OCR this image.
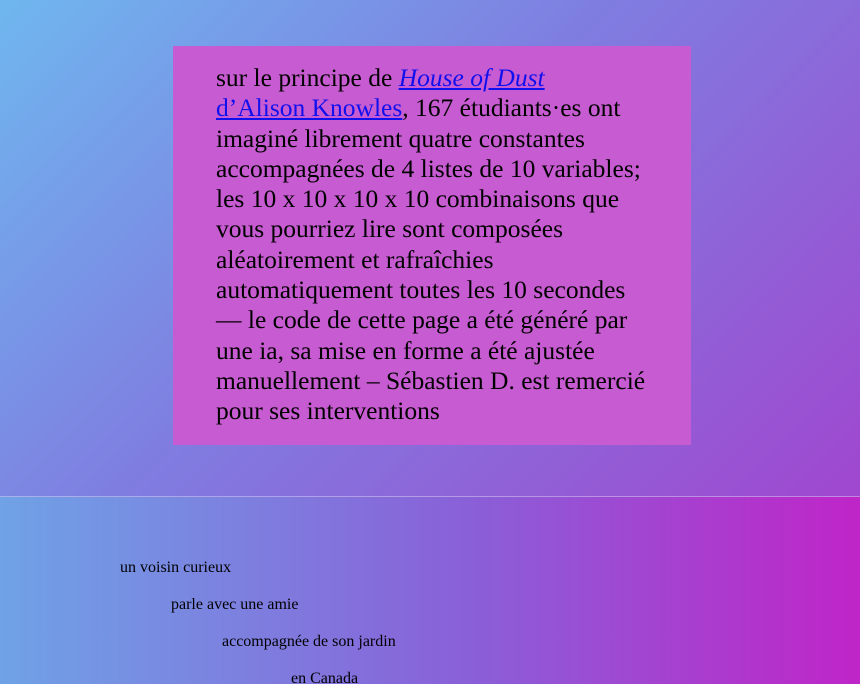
sur le principe de House of Dust
d’Alison Knowles, 167 étudiants·es ont imaginé librement quatre constantes accompagnées de 4 listes de 10 variables; les 10 x 10 x 10 x 10 combinaisons que vous pourriez lire sont composées aléatoirement et rafraîchies automatiquement toutes les 10 secondes — le code de cette page a été généré par une ia, sa mise en forme a été ajustée manuellement – Sébastien D. est remercié pour ses interventions

un voisin curieux
parle avec une amie
accompagnée de son jardin
en Canada
